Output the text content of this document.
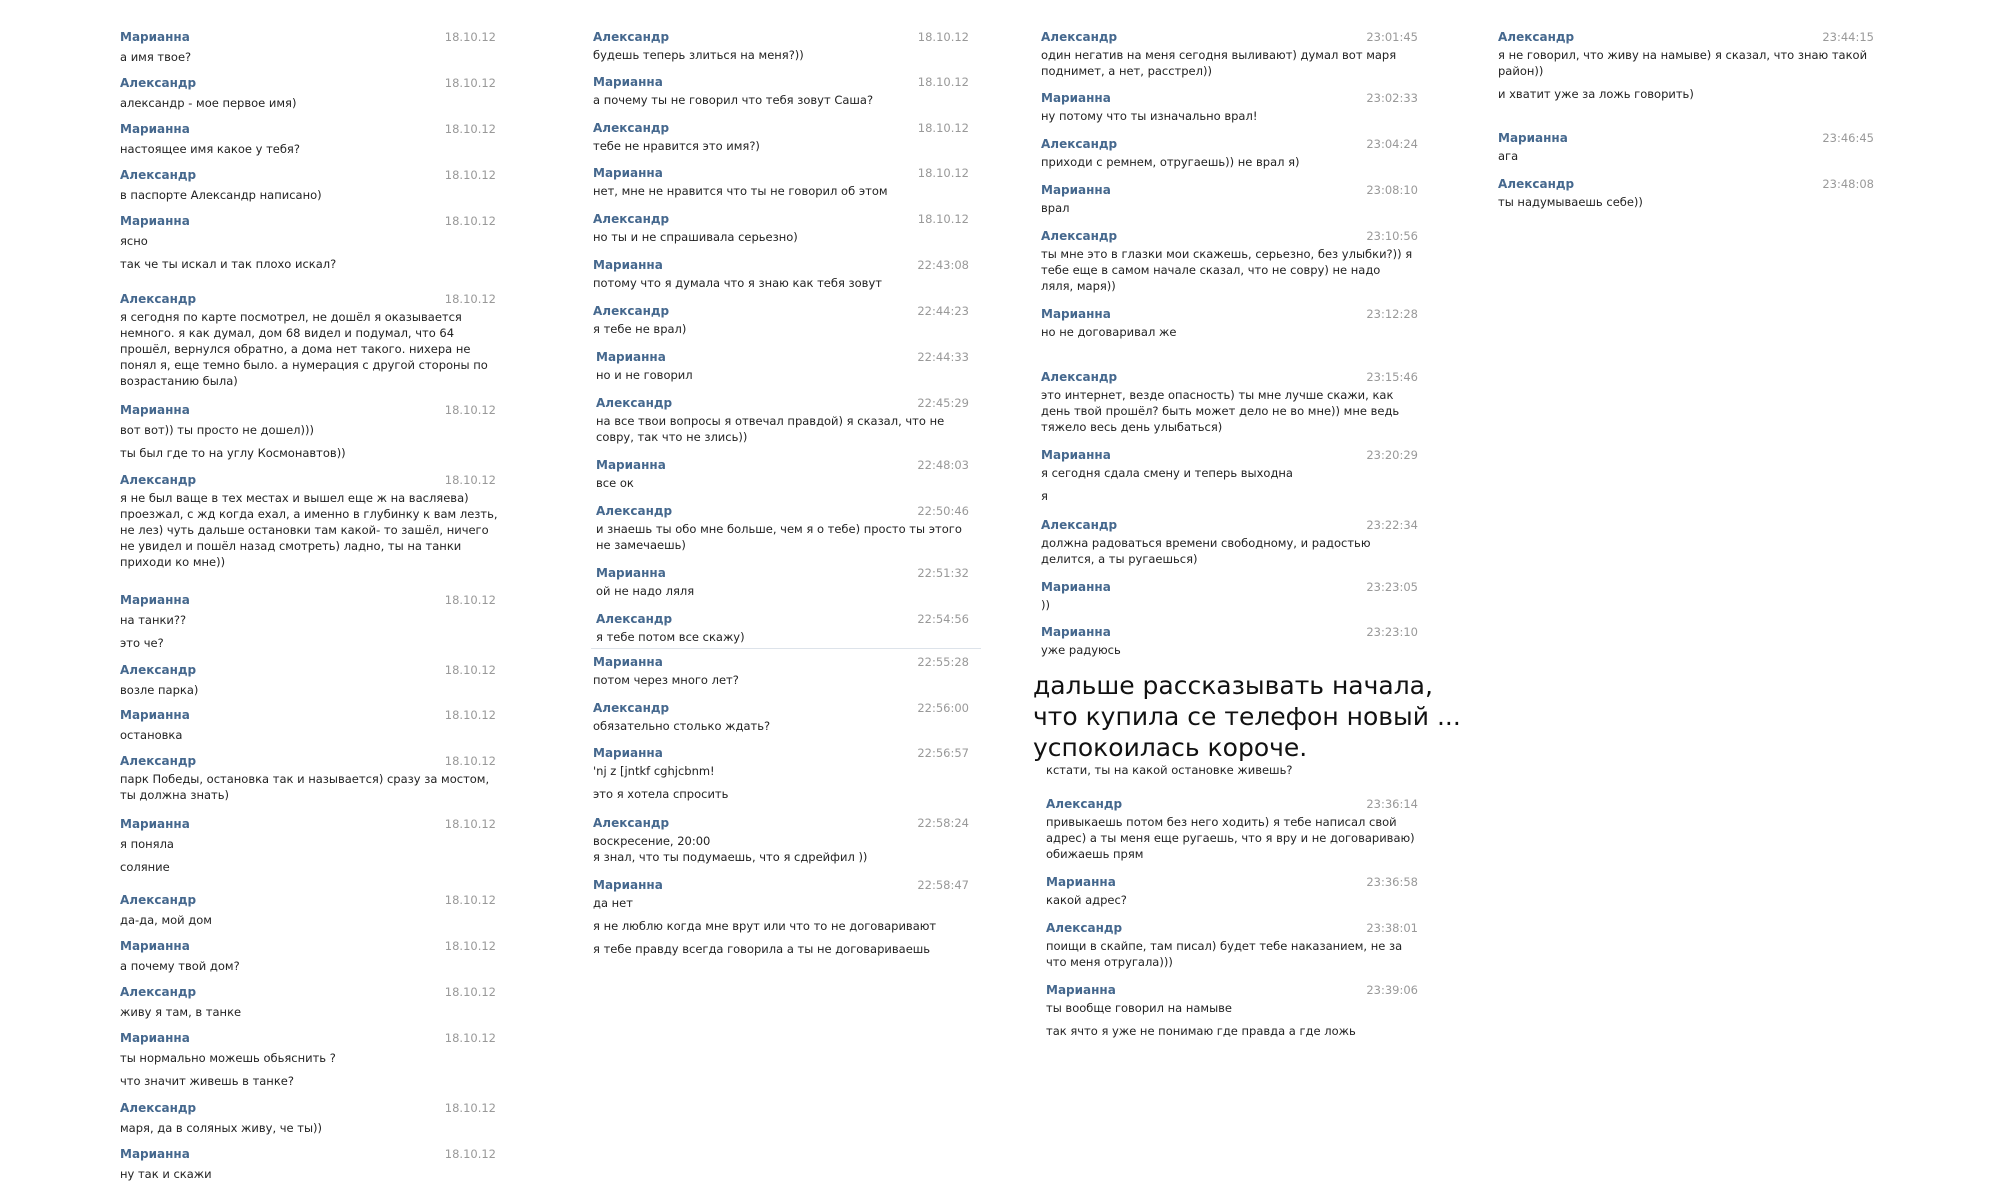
Марианна	18.10.12
а имя твое?
Александр	18.10.12
александр - мое первое имя)
Марианна	18.10.12
настоящее имя какое у тебя?
Александр	18.10.12
в паспорте Александр написано)
Марианна	18.10.12
ясно
так че ты искал и так плохо искал?
Александр	18.10.12
я сегодня по карте посмотрел, не дошёл я оказывается
немного. я как думал, дом 68 видел и подумал, что 64
прошёл, вернулся обратно, а дома нет такого. нихера не
понял я, еще темно было. а нумерация с другой стороны по
возрастанию была)
Марианна	18.10.12
вот вот)) ты просто не дошел)))
ты был где то на углу Космонавтов))
Александр	18.10.12
я не был ваще в тех местах и вышел еще ж на васляева)
проезжал, с жд когда ехал, а именно в глубинку к вам лезть,
не лез) чуть дальше остановки там какой- то зашёл, ничего
не увидел и пошёл назад смотреть) ладно, ты на танки
приходи ко мне))
Марианна	18.10.12
на танки??
это че?
Александр	18.10.12
возле парка)
Марианна	18.10.12
остановка
Александр	18.10.12
парк Победы, остановка так и называется) сразу за мостом,
ты должна знать)
Марианна	18.10.12
я поняла
соляние
Александр	18.10.12
да-да, мой дом
Марианна	18.10.12
а почему твой дом?
Александр	18.10.12
живу я там, в танке
Марианна	18.10.12
ты нормально можешь обьяснить ?
что значит живешь в танке?
Александр	18.10.12
маря, да в соляных живу, че ты))
Марианна	18.10.12
ну так и скажи
Александр	18.10.12
будешь теперь злиться на меня?))
Марианна	18.10.12
а почему ты не говорил что тебя зовут Саша?
Александр	18.10.12
тебе не нравится это имя?)
Марианна	18.10.12
нет, мне не нравится что ты не говорил об этом
Александр	18.10.12
но ты и не спрашивала серьезно)
Марианна	22:43:08
потому что я думала что я знаю как тебя зовут
Александр	22:44:23
я тебе не врал)
Марианна	22:44:33
но и не говорил
Александр	22:45:29
на все твои вопросы я отвечал правдой) я сказал, что не
совру, так что не злись))
Марианна	22:48:03
все ок
Александр	22:50:46
и знаешь ты обо мне больше, чем я о тебе) просто ты этого
не замечаешь)
Марианна	22:51:32
ой не надо ляля
Александр	22:54:56
я тебе потом все скажу)
Марианна	22:55:28
потом через много лет?
Александр	22:56:00
обязательно столько ждать?
Марианна	22:56:57
'nj z [jntkf cghjcbnm!
это я хотела спросить
Александр	22:58:24
воскресение, 20:00
я знал, что ты подумаешь, что я сдрейфил ))
Марианна	22:58:47
да нет
я не люблю когда мне врут или что то не договаривают
я тебе правду всегда говорила а ты не договариваешь
Александр	23:01:45
один негатив на меня сегодня выливают) думал вот маря
поднимет, а нет, расстрел))
Марианна	23:02:33
ну потому что ты изначально врал!
Александр	23:04:24
приходи с ремнем, отругаешь)) не врал я)
Марианна	23:08:10
врал
Александр	23:10:56
ты мне это в глазки мои скажешь, серьезно, без улыбки?)) я
тебе еще в самом начале сказал, что не совру) не надо
ляля, маря))
Марианна	23:12:28
но не договаривал же
Александр	23:15:46
это интернет, везде опасность) ты мне лучше скажи, как
день твой прошёл? быть может дело не во мне)) мне ведь
тяжело весь день улыбаться)
Марианна	23:20:29
я сегодня сдала смену и теперь выходна
я
Александр	23:22:34
должна радоваться времени свободному, и радостью
делится, а ты ругаешься)
Марианна	23:23:05
))
Марианна	23:23:10
уже радуюсь
дальше рассказывать начала,
что купила се телефон новый ...
успокоилась короче.
кстати, ты на какой остановке живешь?
Александр	23:36:14
привыкаешь потом без него ходить) я тебе написал свой
адрес) а ты меня еще ругаешь, что я вру и не договариваю)
обижаешь прям
Марианна	23:36:58
какой адрес?
Александр	23:38:01
поищи в скайпе, там писал) будет тебе наказанием, не за
что меня отругала)))
Марианна	23:39:06
ты вообще говорил на намыве
так ячто я уже не понимаю где правда а где ложь
Александр	23:44:15
я не говорил, что живу на намыве) я сказал, что знаю такой
район))
и хватит уже за ложь говорить)
Марианна	23:46:45
ага
Александр	23:48:08
ты надумываешь себе))
